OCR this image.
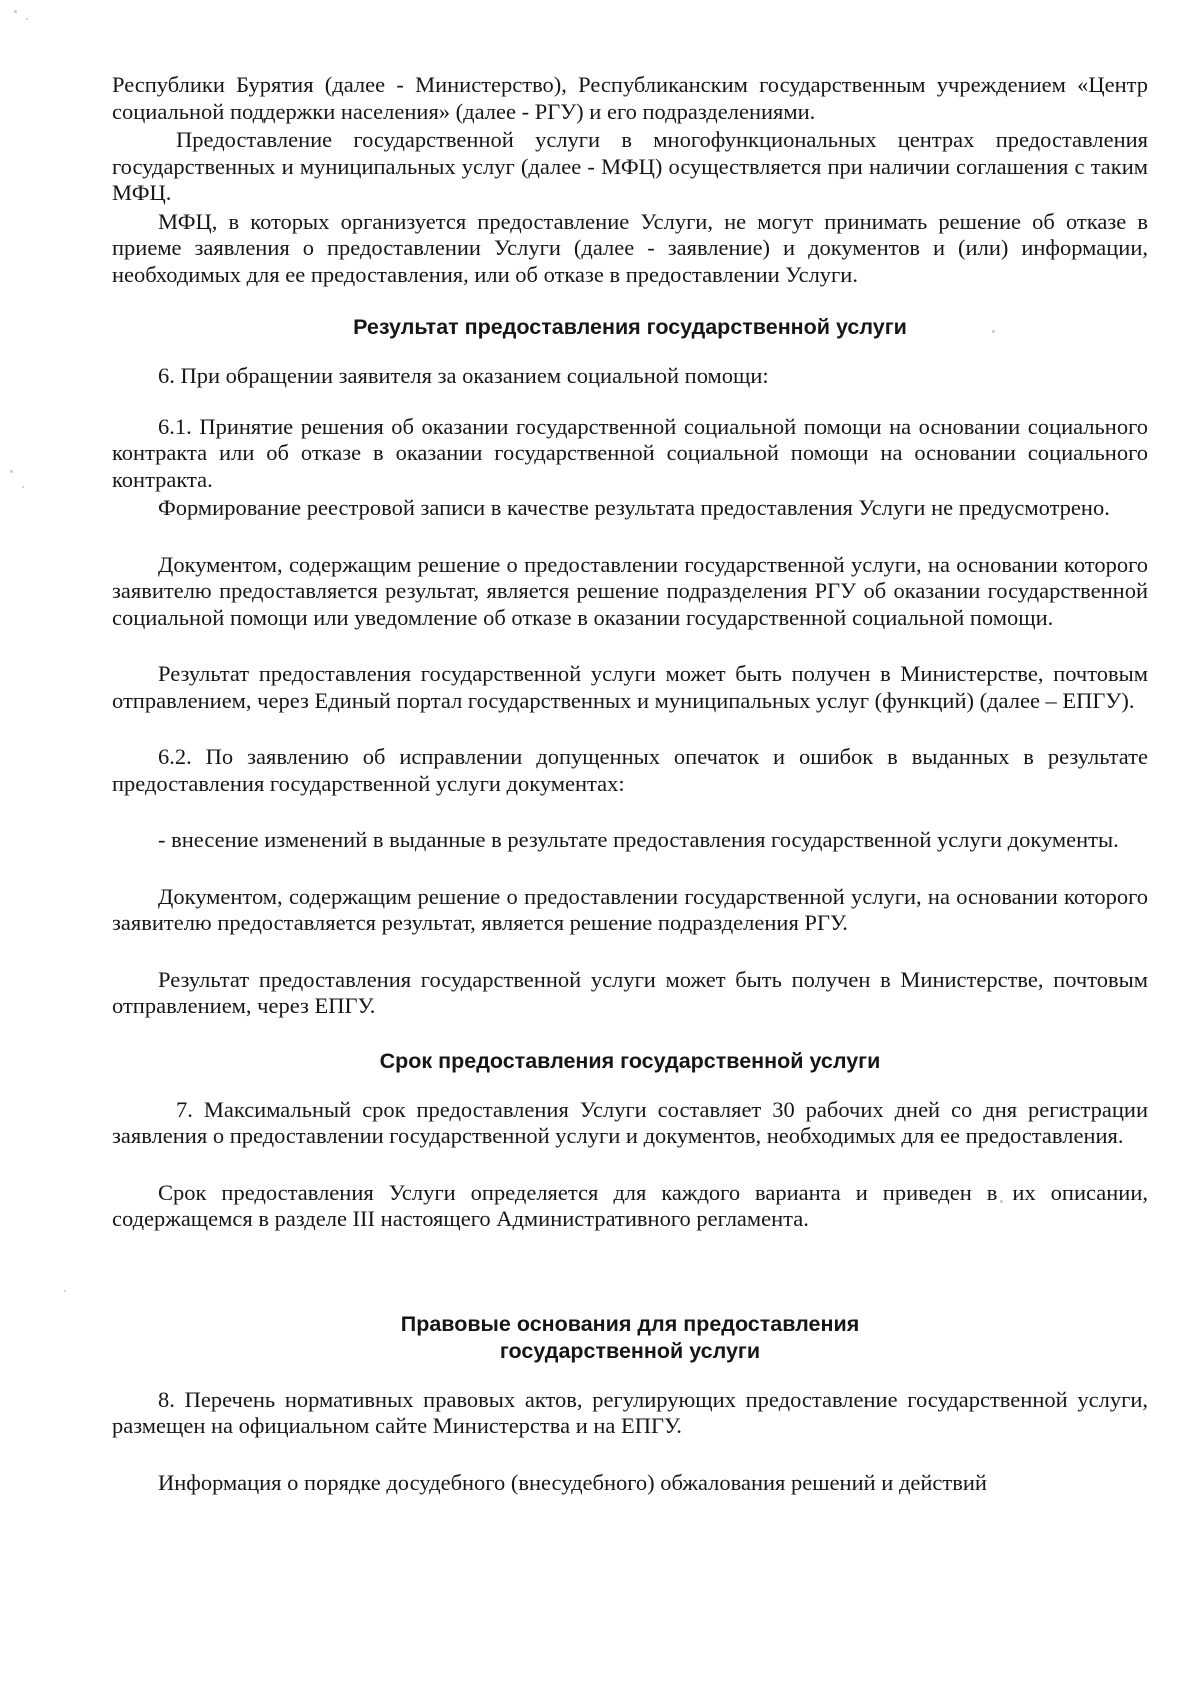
Республики Бурятия (далее - Министерство), Республиканским государственным учреждением «Центр социальной поддержки населения» (далее - РГУ) и его подразделениями.

Предоставление государственной услуги в многофункциональных центрах предоставления государственных и муниципальных услуг (далее - МФЦ) осуществляется при наличии соглашения с таким МФЦ.

МФЦ, в которых организуется предоставление Услуги, не могут принимать решение об отказе в приеме заявления о предоставлении Услуги (далее - заявление) и документов и (или) информации, необходимых для ее предоставления, или об отказе в предоставлении Услуги.

Результат предоставления государственной услуги

6. При обращении заявителя за оказанием социальной помощи:

6.1. Принятие решения об оказании государственной социальной помощи на основании социального контракта или об отказе в оказании государственной социальной помощи на основании социального контракта.

Формирование реестровой записи в качестве результата предоставления Услуги не предусмотрено.

Документом, содержащим решение о предоставлении государственной услуги, на основании которого заявителю предоставляется результат, является решение подразделения РГУ об оказании государственной социальной помощи или уведомление об отказе в оказании государственной социальной помощи.

Результат предоставления государственной услуги может быть получен в Министерстве, почтовым отправлением, через Единый портал государственных и муниципальных услуг (функций) (далее – ЕПГУ).

6.2. По заявлению об исправлении допущенных опечаток и ошибок в выданных в результате предоставления государственной услуги документах:

- внесение изменений в выданные в результате предоставления государственной услуги документы.

Документом, содержащим решение о предоставлении государственной услуги, на основании которого заявителю предоставляется результат, является решение подразделения РГУ.

Результат предоставления государственной услуги может быть получен в Министерстве, почтовым отправлением, через ЕПГУ.

Срок предоставления государственной услуги

7. Максимальный срок предоставления Услуги составляет 30 рабочих дней со дня регистрации заявления о предоставлении государственной услуги и документов, необходимых для ее предоставления.

Срок предоставления Услуги определяется для каждого варианта и приведен в их описании, содержащемся в разделе III настоящего Административного регламента.

Правовые основания для предоставления
государственной услуги

8. Перечень нормативных правовых актов, регулирующих предоставление государственной услуги, размещен на официальном сайте Министерства и на ЕПГУ.

Информация о порядке досудебного (внесудебного) обжалования решений и действий
